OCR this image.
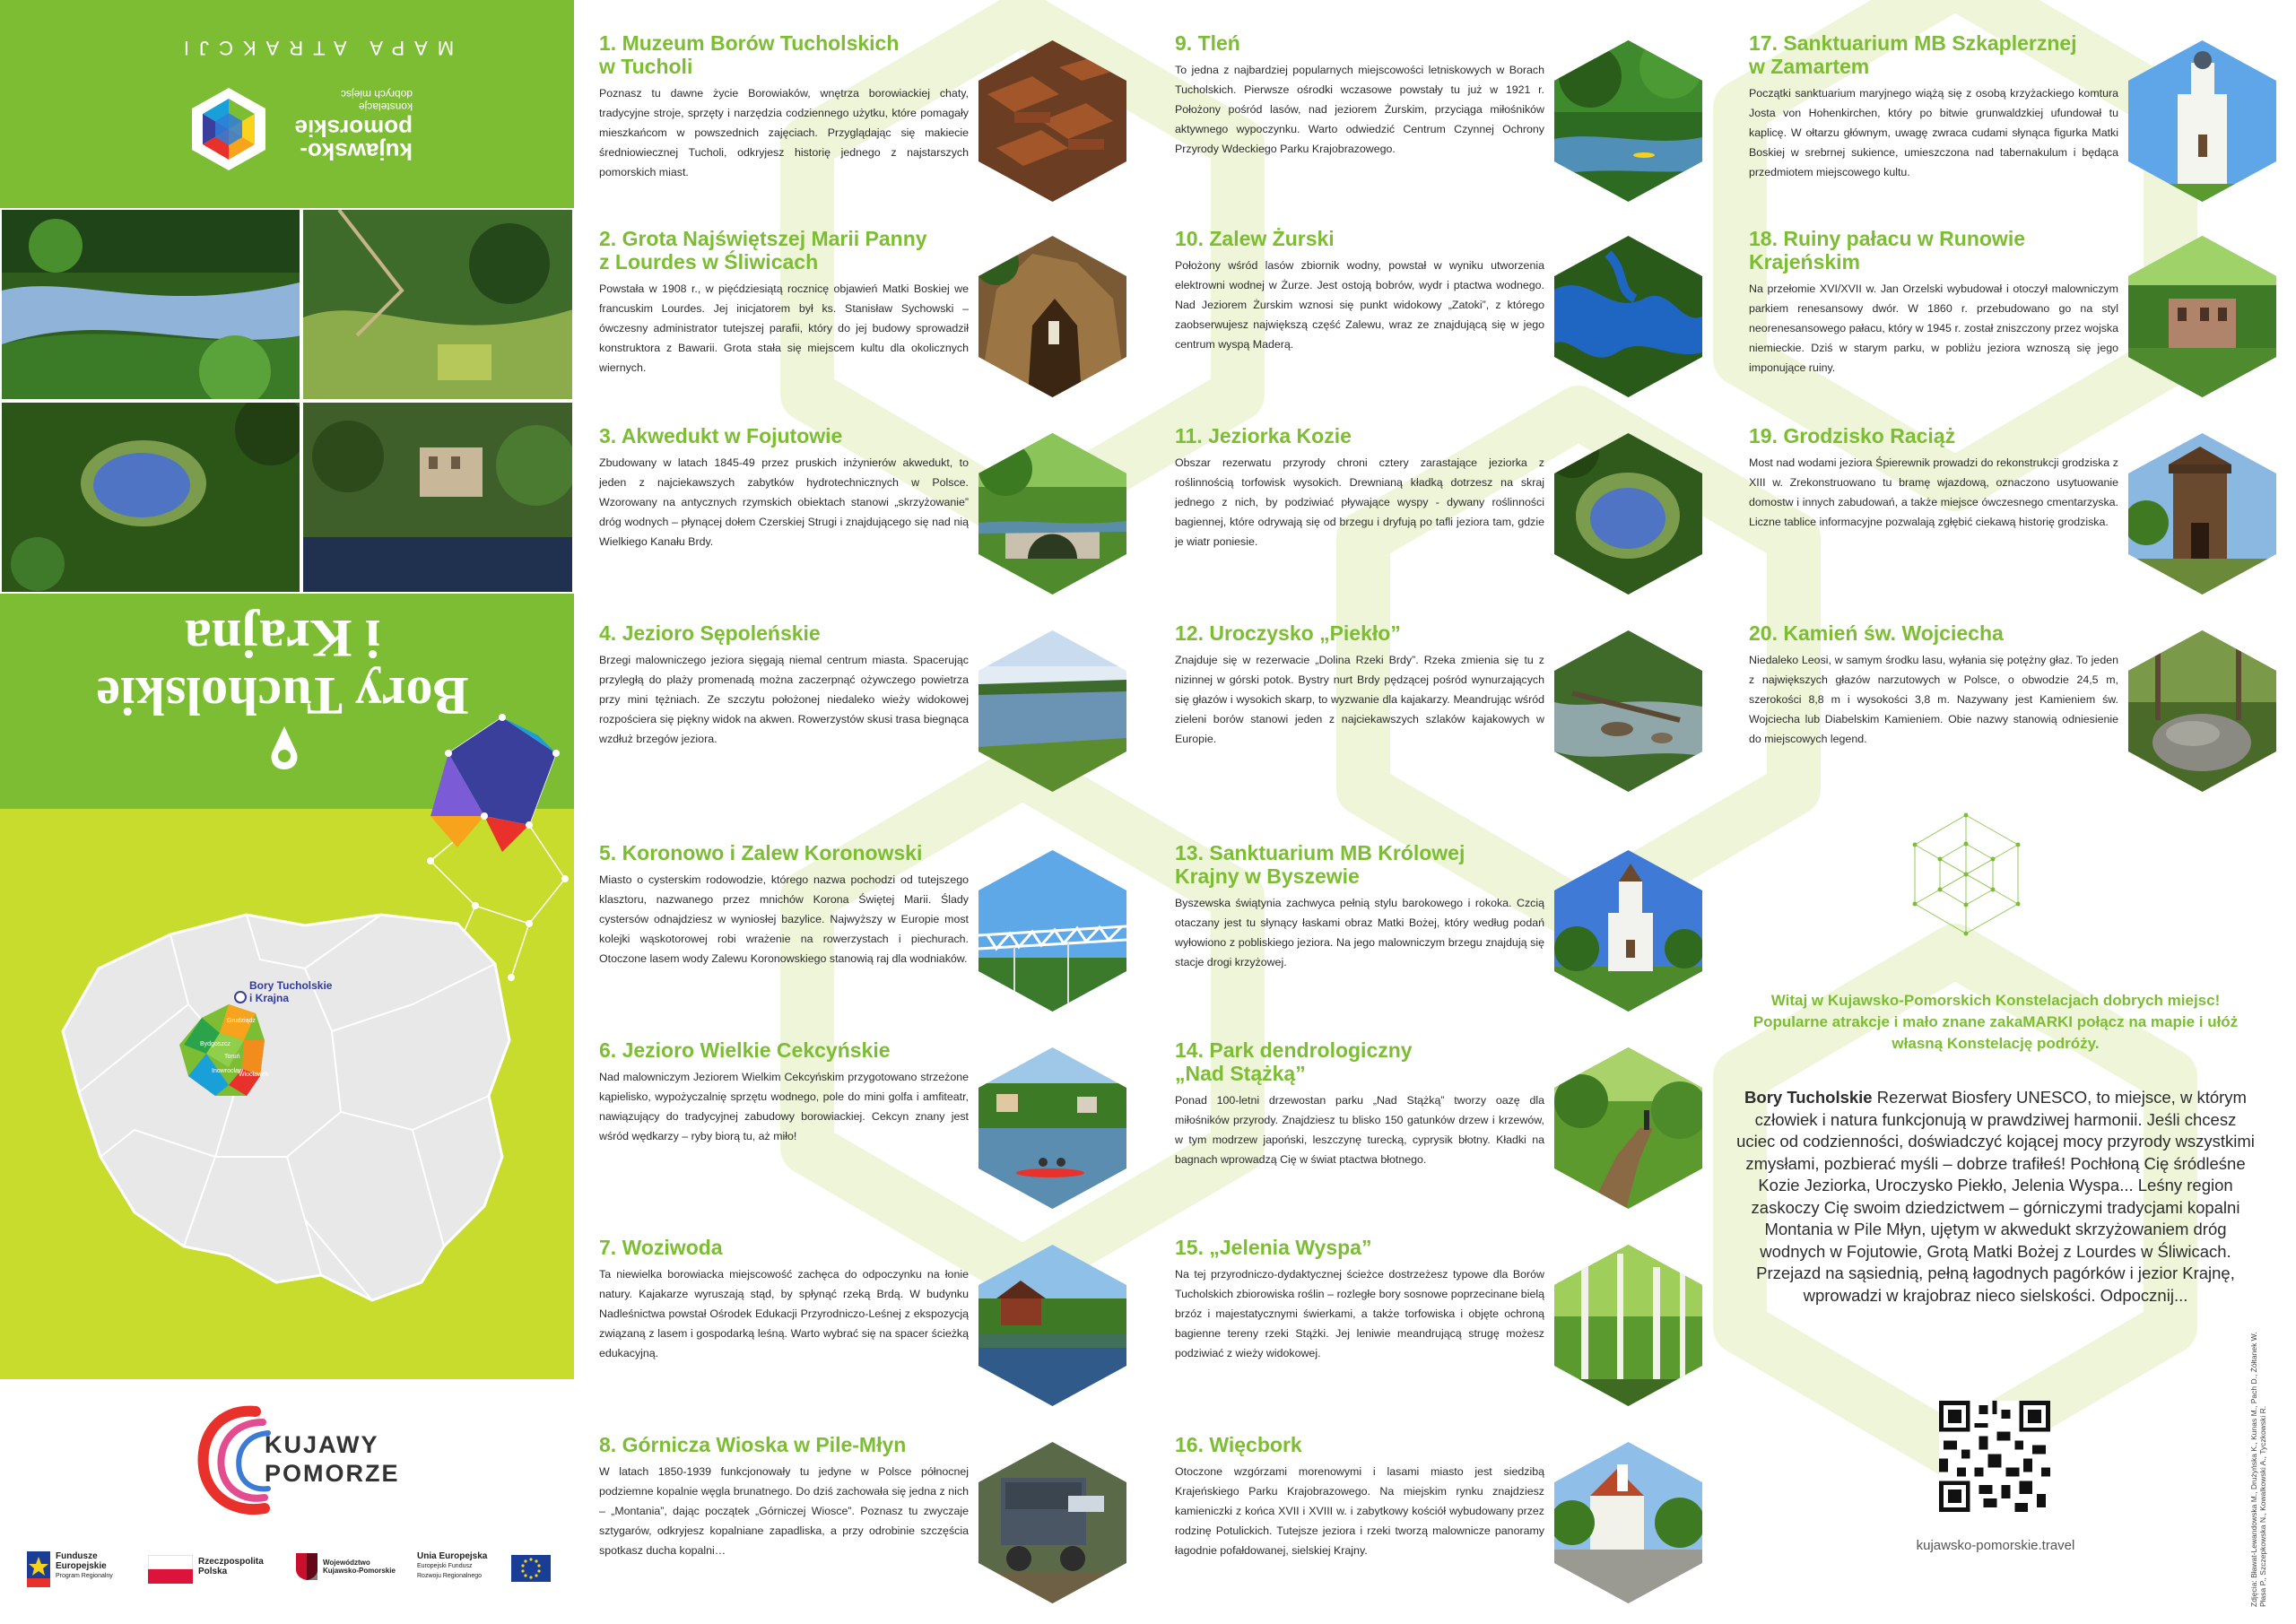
MAPA ATRAKCJI
kujawsko-
pomorskie
konstelacje
dobrych miejsc
Bory Tucholskie
i Krajna
Bory Tucholskie
i Krajna
Grudziądz
Bydgoszcz
Toruń
Inowrocław
Włocławek
KUJAWY
POMORZE
Fundusze
Europejskie
Program Regionalny
Rzeczpospolita
Polska
Województwo
Kujawsko-Pomorskie
Unia Europejska
Europejski Fundusz
Rozwoju Regionalnego
1. Muzeum Borów Tucholskich
w Tucholi

Poznasz tu dawne życie Borowiaków, wnętrza borowiackiej chaty, tradycyjne stroje, sprzęty i narzędzia codziennego użytku, które pomagały mieszkańcom w powszednich zajęciach. Przyglądając się makiecie średniowiecznej Tucholi, odkryjesz historię jednego z najstarszych pomorskich miast.

2. Grota Najświętszej Marii Panny
z Lourdes w Śliwicach

Powstała w 1908 r., w pięćdziesiątą rocznicę objawień Matki Boskiej we francuskim Lourdes. Jej inicjatorem był ks. Stanisław Sychowski – ówczesny administrator tutejszej parafii, który do jej budowy sprowadził konstruktora z Bawarii. Grota stała się miejscem kultu dla okolicznych wiernych.

3. Akwedukt w Fojutowie

Zbudowany w latach 1845-49 przez pruskich inżynierów akwedukt, to jeden z najciekawszych zabytków hydrotechnicznych w Polsce. Wzorowany na antycznych rzymskich obiektach stanowi „skrzyżowanie” dróg wodnych – płynącej dołem Czerskiej Strugi i znajdującego się nad nią Wielkiego Kanału Brdy.

4. Jezioro Sępoleńskie

Brzegi malowniczego jeziora sięgają niemal centrum miasta. Spacerując przyległą do plaży promenadą można zaczerpnąć ożywczego powietrza przy mini tężniach. Ze szczytu położonej niedaleko wieży widokowej rozpościera się piękny widok na akwen. Rowerzystów skusi trasa biegnąca wzdłuż brzegów jeziora.

5. Koronowo i Zalew Koronowski

Miasto o cysterskim rodowodzie, którego nazwa pochodzi od tutejszego klasztoru, nazwanego przez mnichów Korona Świętej Marii. Ślady cystersów odnajdziesz w wyniosłej bazylice. Najwyższy w Europie most kolejki wąskotorowej robi wrażenie na rowerzystach i piechurach. Otoczone lasem wody Zalewu Koronowskiego stanowią raj dla wodniaków.

6. Jezioro Wielkie Cekcyńskie

Nad malowniczym Jeziorem Wielkim Cekcyńskim przygotowano strzeżone kąpielisko, wypożyczalnię sprzętu wodnego, pole do mini golfa i amfiteatr, nawiązujący do tradycyjnej zabudowy borowiackiej. Cekcyn znany jest wśród wędkarzy – ryby biorą tu, aż miło!

7. Woziwoda

Ta niewielka borowiacka miejscowość zachęca do odpoczynku na łonie natury. Kajakarze wyruszają stąd, by spłynąć rzeką Brdą. W budynku Nadleśnictwa powstał Ośrodek Edukacji Przyrodniczo-Leśnej z ekspozycją związaną z lasem i gospodarką leśną. Warto wybrać się na spacer ścieżką edukacyjną.

8. Górnicza Wioska w Pile-Młyn

W latach 1850-1939 funkcjonowały tu jedyne w Polsce północnej podziemne kopalnie węgla brunatnego. Do dziś zachowała się jedna z nich – „Montania”, dając początek „Górniczej Wiosce”. Poznasz tu zwyczaje sztygarów, odkryjesz kopalniane zapadliska, a przy odrobinie szczęścia spotkasz ducha kopalni…

9. Tleń

To jedna z najbardziej popularnych miejscowości letniskowych w Borach Tucholskich. Pierwsze ośrodki wczasowe powstały tu już w 1921 r. Położony pośród lasów, nad jeziorem Żurskim, przyciąga miłośników aktywnego wypoczynku. Warto odwiedzić Centrum Czynnej Ochrony Przyrody Wdeckiego Parku Krajobrazowego.

10. Zalew Żurski

Położony wśród lasów zbiornik wodny, powstał w wyniku utworzenia elektrowni wodnej w Żurze. Jest ostoją bobrów, wydr i ptactwa wodnego. Nad Jeziorem Żurskim wznosi się punkt widokowy „Zatoki”, z którego zaobserwujesz największą część Zalewu, wraz ze znajdującą się w jego centrum wyspą Maderą.

11. Jeziorka Kozie

Obszar rezerwatu przyrody chroni cztery zarastające jeziorka z roślinnością torfowisk wysokich. Drewnianą kładką dotrzesz na skraj jednego z nich, by podziwiać pływające wyspy - dywany roślinności bagiennej, które odrywają się od brzegu i dryfują po tafli jeziora tam, gdzie je wiatr poniesie.

12. Uroczysko „Piekło”

Znajduje się w rezerwacie „Dolina Rzeki Brdy”. Rzeka zmienia się tu z nizinnej w górski potok. Bystry nurt Brdy pędzącej pośród wynurzających się głazów i wysokich skarp, to wyzwanie dla kajakarzy. Meandrując wśród zieleni borów stanowi jeden z najciekawszych szlaków kajakowych w Europie.

13. Sanktuarium MB Królowej
Krajny w Byszewie

Byszewska świątynia zachwyca pełnią stylu barokowego i rokoka. Czcią otaczany jest tu słynący łaskami obraz Matki Bożej, który według podań wyłowiono z pobliskiego jeziora. Na jego malowniczym brzegu znajdują się stacje drogi krzyżowej.

14. Park dendrologiczny
„Nad Stążką”

Ponad 100-letni drzewostan parku „Nad Stążką” tworzy oazę dla miłośników przyrody. Znajdziesz tu blisko 150 gatunków drzew i krzewów, w tym modrzew japoński, leszczynę turecką, cyprysik błotny. Kładki na bagnach wprowadzą Cię w świat ptactwa błotnego.

15. „Jelenia Wyspa”

Na tej przyrodniczo-dydaktycznej ścieżce dostrzeżesz typowe dla Borów Tucholskich zbiorowiska roślin – rozległe bory sosnowe poprzecinane bielą brzóz i majestatycznymi świerkami, a także torfowiska i objęte ochroną bagienne tereny rzeki Stążki. Jej leniwie meandrującą strugę możesz podziwiać z wieży widokowej.

16. Więcbork

Otoczone wzgórzami morenowymi i lasami miasto jest siedzibą Krajeńskiego Parku Krajobrazowego. Na miejskim rynku znajdziesz kamieniczki z końca XVII i XVIII w. i zabytkowy kościół wybudowany przez rodzinę Potulickich. Tutejsze jeziora i rzeki tworzą malownicze panoramy łagodnie pofałdowanej, sielskiej Krajny.

17. Sanktuarium MB Szkaplerznej
w Zamartem

Początki sanktuarium maryjnego wiążą się z osobą krzyżackiego komtura Josta von Hohenkirchen, który po bitwie grunwaldzkiej ufundował tu kaplicę. W ołtarzu głównym, uwagę zwraca cudami słynąca figurka Matki Boskiej w srebrnej sukience, umieszczona nad tabernakulum i będąca przedmiotem miejscowego kultu.

18. Ruiny pałacu w Runowie
Krajeńskim

Na przełomie XVI/XVII w. Jan Orzelski wybudował i otoczył malowniczym parkiem renesansowy dwór. W 1860 r. przebudowano go na styl neorenesansowego pałacu, który w 1945 r. został zniszczony przez wojska niemieckie. Dziś w starym parku, w pobliżu jeziora wznoszą się jego imponujące ruiny.

19. Grodzisko Raciąż

Most nad wodami jeziora Śpierewnik prowadzi do rekonstrukcji grodziska z XIII w. Zrekonstruowano tu bramę wjazdową, oznaczono usytuowanie domostw i innych zabudowań, a także miejsce ówczesnego cmentarzyska. Liczne tablice informacyjne pozwalają zgłębić ciekawą historię grodziska.

20. Kamień św. Wojciecha

Niedaleko Leosi, w samym środku lasu, wyłania się potężny głaz. To jeden z największych głazów narzutowych w Polsce, o obwodzie 24,5 m, szerokości 8,8 m i wysokości 3,8 m. Nazywany jest Kamieniem św. Wojciecha lub Diabelskim Kamieniem. Obie nazwy stanowią odniesienie do miejscowych legend.

Witaj w Kujawsko-Pomorskich Konstelacjach dobrych miejsc! Popularne atrakcje i mało znane zakaMARKI połącz na mapie i ułóż własną Konstelację podróży.
Bory Tucholskie Rezerwat Biosfery UNESCO, to miejsce, w którym człowiek i natura funkcjonują w prawdziwej harmonii. Jeśli chcesz uciec od codzienności, doświadczyć kojącej mocy przyrody wszystkimi zmysłami, pozbierać myśli – dobrze trafiłeś! Pochłoną Cię śródleśne Kozie Jeziorka, Uroczysko Piekło, Jelenia Wyspa... Leśny region zaskoczy Cię swoim dziedzictwem – górniczymi tradycjami kopalni Montania w Pile Młyn, ujętym w akwedukt skrzyżowaniem dróg wodnych w Fojutowie, Grotą Matki Bożej z Lourdes w Śliwicach. Przejazd na sąsiednią, pełną łagodnych pagórków i jezior Krajnę, wprowadzi w krajobraz nieco sielskości. Odpocznij...
kujawsko-pomorskie.travel	Zdjęcia: Bławat-Lewandowska M., Drużyńska K., Kunas M., Pach D., Żółtanek W.
Płasa P., Szczepkowska N., Kowalkowski A., Tyczkowski R.
